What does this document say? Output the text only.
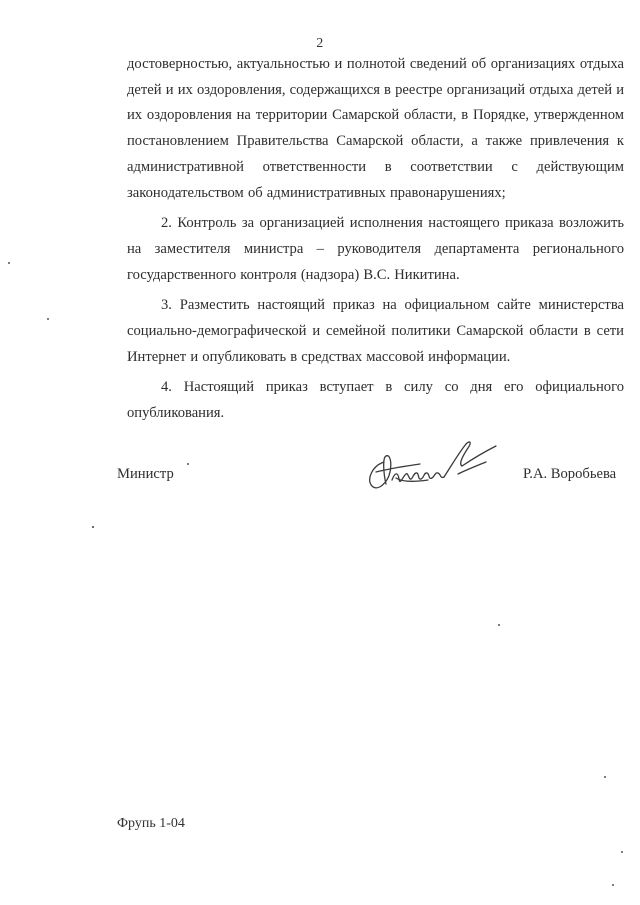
2

достоверностью, актуальностью и полнотой сведений об организациях отдыха детей и их оздоровления, содержащихся в реестре организаций отдыха детей и их оздоровления на территории Самарской области, в Порядке, утвержденном постановлением Правительства Самарской области, а также привлечения к административной ответственности в соответствии с действующим законодательством об административных правонарушениях;

2. Контроль за организацией исполнения настоящего приказа возложить на заместителя министра – руководителя департамента регионального государственного контроля (надзора) В.С. Никитина.

3. Разместить настоящий приказ на официальном сайте министерства социально-демографической и семейной политики Самарской области в сети Интернет и опубликовать в средствах массовой информации.

4. Настоящий приказ вступает в силу со дня его официального опубликования.

Министр	Р.А. Воробьева
Фрупь 1-04
